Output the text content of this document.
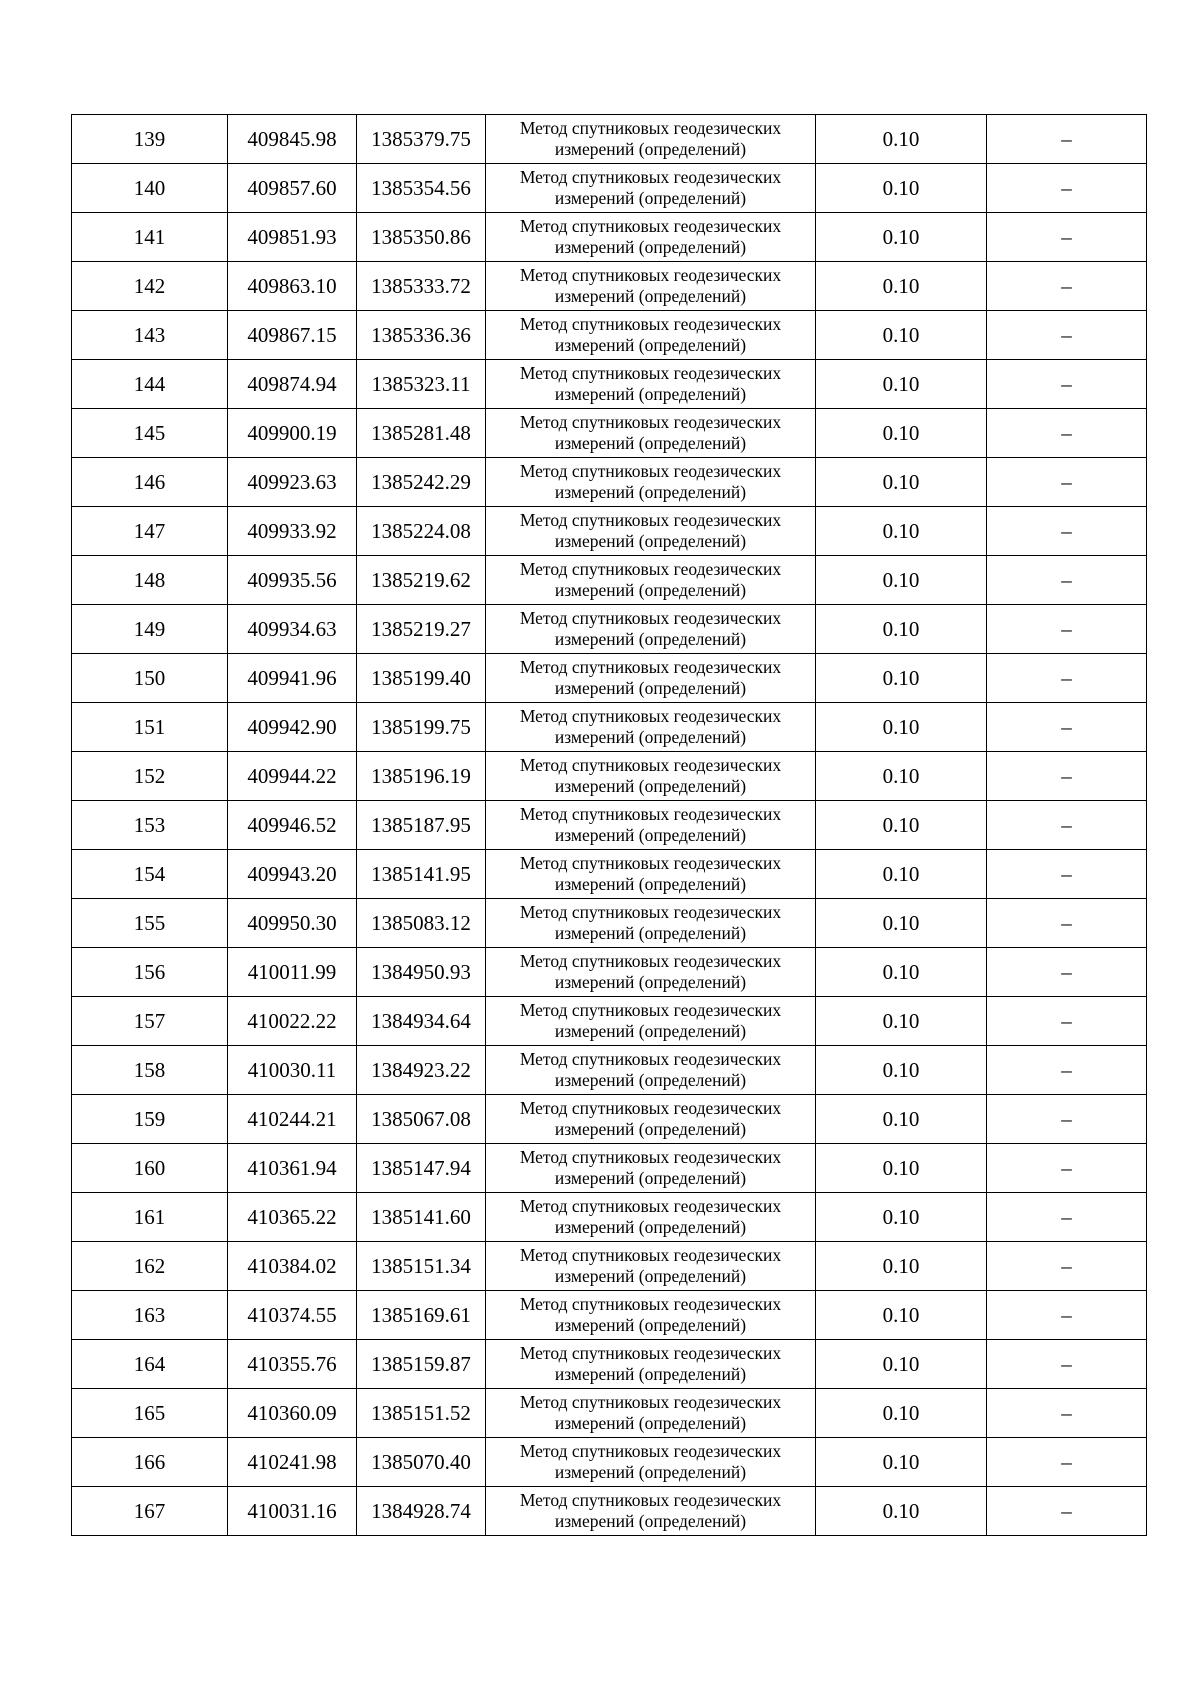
139	409845.98	1385379.75	Метод спутниковых геодезических
измерений (определений)	0.10	–
140	409857.60	1385354.56	Метод спутниковых геодезических
измерений (определений)	0.10	–
141	409851.93	1385350.86	Метод спутниковых геодезических
измерений (определений)	0.10	–
142	409863.10	1385333.72	Метод спутниковых геодезических
измерений (определений)	0.10	–
143	409867.15	1385336.36	Метод спутниковых геодезических
измерений (определений)	0.10	–
144	409874.94	1385323.11	Метод спутниковых геодезических
измерений (определений)	0.10	–
145	409900.19	1385281.48	Метод спутниковых геодезических
измерений (определений)	0.10	–
146	409923.63	1385242.29	Метод спутниковых геодезических
измерений (определений)	0.10	–
147	409933.92	1385224.08	Метод спутниковых геодезических
измерений (определений)	0.10	–
148	409935.56	1385219.62	Метод спутниковых геодезических
измерений (определений)	0.10	–
149	409934.63	1385219.27	Метод спутниковых геодезических
измерений (определений)	0.10	–
150	409941.96	1385199.40	Метод спутниковых геодезических
измерений (определений)	0.10	–
151	409942.90	1385199.75	Метод спутниковых геодезических
измерений (определений)	0.10	–
152	409944.22	1385196.19	Метод спутниковых геодезических
измерений (определений)	0.10	–
153	409946.52	1385187.95	Метод спутниковых геодезических
измерений (определений)	0.10	–
154	409943.20	1385141.95	Метод спутниковых геодезических
измерений (определений)	0.10	–
155	409950.30	1385083.12	Метод спутниковых геодезических
измерений (определений)	0.10	–
156	410011.99	1384950.93	Метод спутниковых геодезических
измерений (определений)	0.10	–
157	410022.22	1384934.64	Метод спутниковых геодезических
измерений (определений)	0.10	–
158	410030.11	1384923.22	Метод спутниковых геодезических
измерений (определений)	0.10	–
159	410244.21	1385067.08	Метод спутниковых геодезических
измерений (определений)	0.10	–
160	410361.94	1385147.94	Метод спутниковых геодезических
измерений (определений)	0.10	–
161	410365.22	1385141.60	Метод спутниковых геодезических
измерений (определений)	0.10	–
162	410384.02	1385151.34	Метод спутниковых геодезических
измерений (определений)	0.10	–
163	410374.55	1385169.61	Метод спутниковых геодезических
измерений (определений)	0.10	–
164	410355.76	1385159.87	Метод спутниковых геодезических
измерений (определений)	0.10	–
165	410360.09	1385151.52	Метод спутниковых геодезических
измерений (определений)	0.10	–
166	410241.98	1385070.40	Метод спутниковых геодезических
измерений (определений)	0.10	–
167	410031.16	1384928.74	Метод спутниковых геодезических
измерений (определений)	0.10	–
